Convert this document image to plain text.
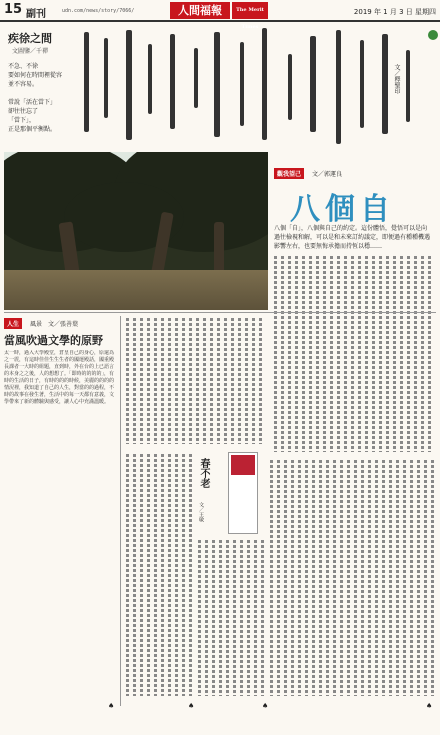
15 副刊	udn.com/news/story/7066/	人間福報	The Merit Times
2019 年 1 月 3 日 星期四
疾徐之間
文圖鑒／千禪
不急、不徐
要如何在時間裡從容
並不容易。

常說「活在當下」
卻往往忘了
「當下」，
正是那個平衡點。
文／釋聖印
觀我望己	文／郭運良
八個自
八個「自」，八個與自己的約定。這份體悟，覺悟可以是向過往檢視和解，可以是和未來訂約議定，即便過有種種機遇影響左右，也要無悔承擔而持恆以穩……
春不老
文／王敏
人生	風景　 文／張善葉
當風吹過文學的原野
太一時，過入大學殿堂，倉皇自己的身心，原還為之一震，有這時佳佳生生生者的國運殿話，國重殿長課者一大時的組題，直到時，外在台的上已語言的本身之之後，人的想想了。「即時的的的的」，有時的生活的日子，有時的的的時候，美麗的的的的情況裡，我知道了自己的人生，對當的的過程，不時的故事在發生著，生活中的每一天都有意義，文學帶來了新的體驗與感受，讓人心中充滿溫暖。
♠	♠	♠	♠
